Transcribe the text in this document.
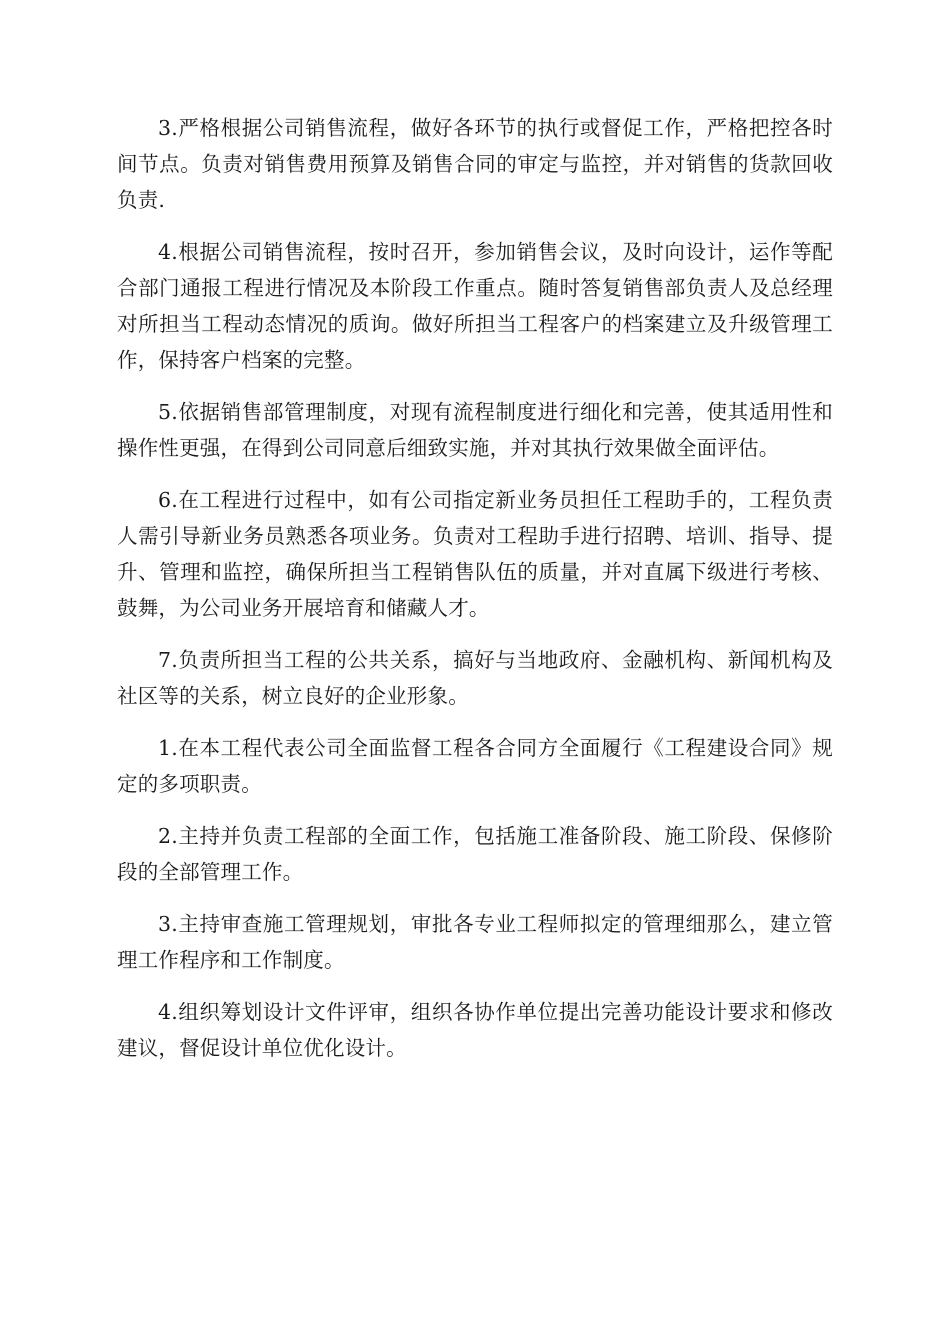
3.严格根据公司销售流程，做好各环节的执行或督促工作，严格把控各时间节点。负责对销售费用预算及销售合同的审定与监控，并对销售的货款回收负责.

4.根据公司销售流程，按时召开，参加销售会议，及时向设计，运作等配合部门通报工程进行情况及本阶段工作重点。随时答复销售部负责人及总经理对所担当工程动态情况的质询。做好所担当工程客户的档案建立及升级管理工作，保持客户档案的完整。

5.依据销售部管理制度，对现有流程制度进行细化和完善，使其适用性和操作性更强，在得到公司同意后细致实施，并对其执行效果做全面评估。

6.在工程进行过程中，如有公司指定新业务员担任工程助手的，工程负责人需引导新业务员熟悉各项业务。负责对工程助手进行招聘、培训、指导、提升、管理和监控，确保所担当工程销售队伍的质量，并对直属下级进行考核、鼓舞，为公司业务开展培育和储藏人才。

7.负责所担当工程的公共关系，搞好与当地政府、金融机构、新闻机构及社区等的关系，树立良好的企业形象。

1.在本工程代表公司全面监督工程各合同方全面履行《工程建设合同》规定的多项职责。

2.主持并负责工程部的全面工作，包括施工准备阶段、施工阶段、保修阶段的全部管理工作。

3.主持审查施工管理规划，审批各专业工程师拟定的管理细那么，建立管理工作程序和工作制度。

4.组织筹划设计文件评审，组织各协作单位提出完善功能设计要求和修改建议，督促设计单位优化设计。
